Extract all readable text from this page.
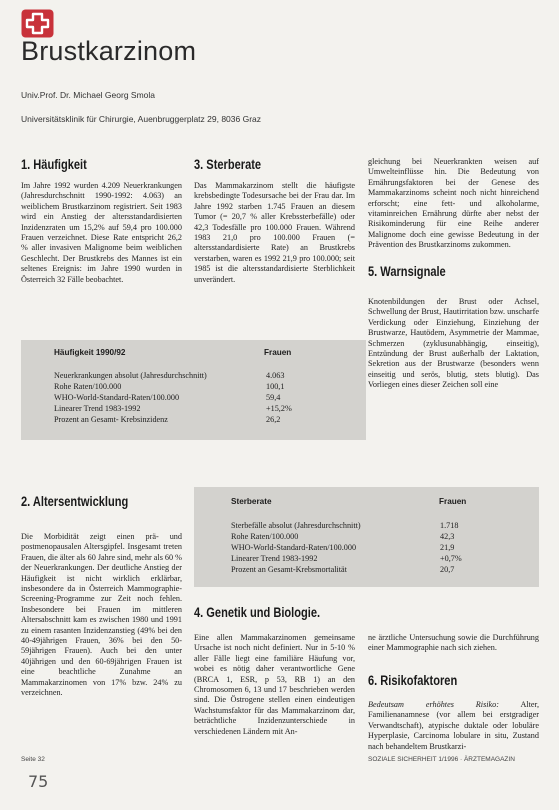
Brustkarzinom
Univ.Prof. Dr. Michael Georg Smola
Universitätsklinik für Chirurgie, Auenbruggerplatz 29, 8036 Graz
1. Häufigkeit
Im Jahre 1992 wurden 4.209 Neuerkrankungen (Jahresdurchschnitt 1990-1992: 4.063) an weiblichem Brustkarzinom registriert. Seit 1983 wird ein Anstieg der altersstandardisierten Inzidenzraten um 15,2% auf 59,4 pro 100.000 Frauen verzeichnet. Diese Rate entspricht 26,2 % aller invasiven Malignome beim weiblichen Geschlecht. Der Brustkrebs des Mannes ist ein seltenes Ereignis: im Jahre 1990 wurden in Österreich 32 Fälle beobachtet.
3. Sterberate
Das Mammakarzinom stellt die häufigste krebsbedingte Todesursache bei der Frau dar. Im Jahre 1992 starben 1.745 Frauen an diesem Tumor (= 20,7 % aller Krebssterbefälle) oder 42,3 Todesfälle pro 100.000 Frauen. Während 1983 21,0 pro 100.000 Frauen (= altersstandardisierte Rate) an Brustkrebs verstarben, waren es 1992 21,9 pro 100.000; seit 1985 ist die altersstandardisierte Sterblichkeit unverändert.
gleichung bei Neuerkrankten weisen auf Umwelteinflüsse hin. Die Bedeutung von Ernährungsfaktoren bei der Genese des Mammakarzinoms scheint noch nicht hinreichend erforscht; eine fett- und alkoholarme, vitaminreichen Ernährung dürfte aber nebst der Risikominderung für eine Reihe anderer Malignome doch eine gewisse Bedeutung in der Prävention des Brustkarzinoms zukommen.
5. Warnsignale
Knotenbildungen der Brust oder Achsel, Schwellung der Brust, Hautirritation bzw. unscharfe Verdickung oder Einziehung, Einziehung der Brustwarze, Hautödem, Asymmetrie der Mammae, Schmerzen (zyklusunabhängig, einseitig), Entzündung der Brust außerhalb der Laktation, Sekretion aus der Brustwarze (besonders wenn einseitig und serös, blutig, stets blutig). Das Vorliegen eines dieser Zeichen soll eine
Häufigkeit 1990/92	Frauen
Neuerkrankungen absolut (Jahresdurchschnitt)	4.063
Rohe Raten/100.000	100,1
WHO-World-Standard-Raten/100.000	59,4
Linearer Trend 1983-1992	+15,2%
Prozent an Gesamt- Krebsinzidenz	26,2
2. Altersentwicklung
Die Morbidität zeigt einen prä- und postmenopausalen Altersgipfel. Insgesamt treten Frauen, die älter als 60 Jahre sind, mehr als 60 % der Neuerkrankungen. Der deutliche Anstieg der Häufigkeit ist nicht wirklich erklärbar, insbesondere da in Österreich Mammographie-Screening-Programme zur Zeit noch fehlen. Insbesondere bei Frauen im mittleren Altersabschnitt kam es zwischen 1980 und 1991 zu einem rasanten Inzidenzanstieg (49% bei den 40-49jährigen Frauen, 36% bei den 50-59jährigen Frauen). Auch bei den unter 40jährigen und den 60-69jährigen Frauen ist eine beachtliche Zunahme an Mammakarzinomen von 17% bzw. 24% zu verzeichnen.
Sterberate	Frauen
Sterbefälle absolut (Jahresdurchschnitt)	1.718
Rohe Raten/100.000	42,3
WHO-World-Standard-Raten/100.000	21,9
Linearer Trend 1983-1992	+0,7%
Prozent an Gesamt-Krebsmortalität	20,7
4. Genetik und Biologie.
Eine allen Mammakarzinomen gemeinsame Ursache ist noch nicht definiert. Nur in 5-10 % aller Fälle liegt eine familiäre Häufung vor, wobei es nötig daher verantwortliche Gene (BRCA 1, ESR, p 53, RB 1) an den Chromosomen 6, 13 und 17 beschrieben werden sind. Die Östrogene stellen einen eindeutigen Wachstumsfaktor für das Mammakarzinom dar, beträchtliche Inzidenzunterschiede in verschiedenen Ländern mit An-
ne ärztliche Untersuchung sowie die Durchführung einer Mammographie nach sich ziehen.
6. Risikofaktoren
Bedeutsam erhöhtes Risiko: Alter, Familienanamnese (vor allem bei erstgradiger Verwandtschaft), atypische duktale oder lobuläre Hyperplasie, Carcinoma lobulare in situ, Zustand nach behandeltem Brustkarzi-
Seite 32	SOZIALE SICHERHEIT 1/1996 · ÄRZTEMAGAZIN
75
